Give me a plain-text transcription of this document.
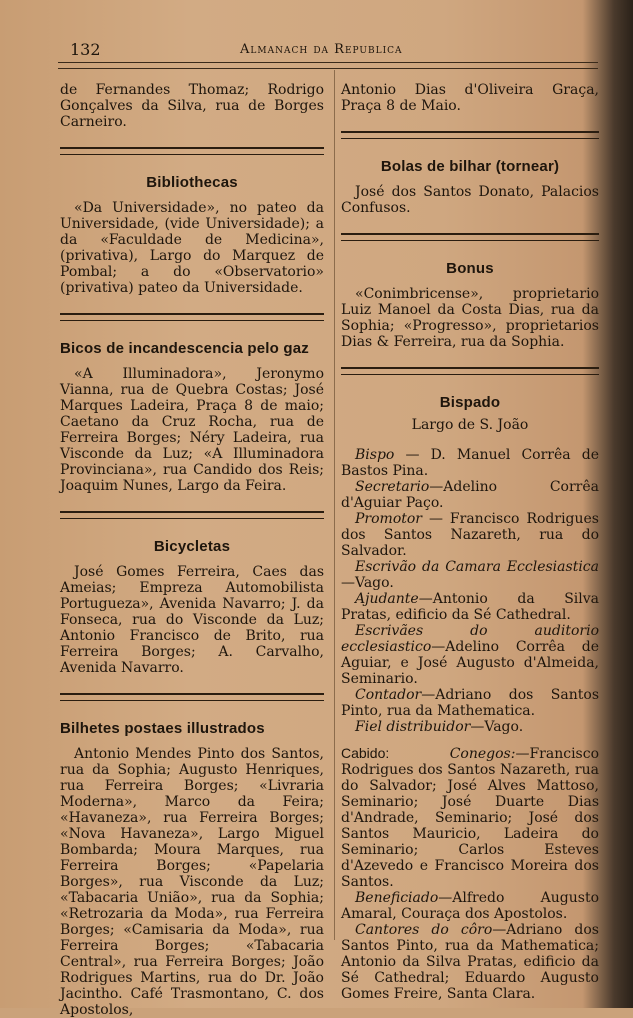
132	Almanach da Republica

de Fernandes Thomaz; Rodrigo Gonçalves da Silva, rua de Borges Carneiro.

Bibliothecas

«Da Universidade», no pateo da Universidade, (vide Universidade); a da «Faculdade de Medicina», (privativa), Largo do Marquez de Pombal; a do «Observatorio» (privativa) pateo da Universidade.

Bicos de incandescencia pelo gaz

«A Illuminadora», Jeronymo Vianna, rua de Quebra Costas; José Marques Ladeira, Praça 8 de maio; Caetano da Cruz Rocha, rua de Ferreira Borges; Néry Ladeira, rua Visconde da Luz; «A Illuminadora Provinciana», rua Candido dos Reis; Joaquim Nunes, Largo da Feira.

Bicycletas

José Gomes Ferreira, Caes das Ameias; Empreza Automobilista Portugueza», Avenida Navarro; J. da Fonseca, rua do Visconde da Luz; Antonio Francisco de Brito, rua Ferreira Borges; A. Carvalho, Avenida Navarro.

Bilhetes postaes illustrados

Antonio Mendes Pinto dos Santos, rua da Sophia; Augusto Henriques, rua Ferreira Borges; «Livraria Moderna», Marco da Feira; «Havaneza», rua Ferreira Borges; «Nova Havaneza», Largo Miguel Bombarda; Moura Marques, rua Ferreira Borges; «Papelaria Borges», rua Visconde da Luz; «Tabacaria União», rua da Sophia; «Retrozaria da Moda», rua Ferreira Borges; «Camisaria da Moda», rua Ferreira Borges; «Tabacaria Central», rua Ferreira Borges; João Rodrigues Martins, rua do Dr. João Jacintho. Café Trasmontano, C. dos Apostolos,

Antonio Dias d'Oliveira Graça, Praça 8 de Maio.

Bolas de bilhar (tornear)

José dos Santos Donato, Palacios Confusos.

Bonus

«Conimbricense», proprietario Luiz Manoel da Costa Dias, rua da Sophia; «Progresso», proprietarios Dias & Ferreira, rua da Sophia.

Bispado

Largo de S. João

Bispo — D. Manuel Corrêa de Bastos Pina.

Secretario—Adelino Corrêa d'Aguiar Paço.

Promotor — Francisco Rodrigues dos Santos Nazareth, rua do Salvador.

Escrivão da Camara Ecclesiastica—Vago.

Ajudante—Antonio da Silva Pratas, edificio da Sé Cathedral.

Escrivães do auditorio ecclesiastico—Adelino Corrêa de Aguiar, e José Augusto d'Almeida, Seminario.

Contador—Adriano dos Santos Pinto, rua da Mathematica.

Fiel distribuidor—Vago.

Cabido:	Conegos:—Francisco Rodrigues dos Santos Nazareth, rua do Salvador; José Alves Mattoso, Seminario; José Duarte Dias d'Andrade, Seminario; José dos Santos Mauricio, Ladeira do Seminario; Carlos Esteves d'Azevedo e Francisco Moreira dos Santos.

Beneficiado—Alfredo Augusto Amaral, Couraça dos Apostolos.

Cantores do côro—Adriano dos Santos Pinto, rua da Mathematica; Antonio da Silva Pratas, edificio da Sé Cathedral; Eduardo Augusto Gomes Freire, Santa Clara.
